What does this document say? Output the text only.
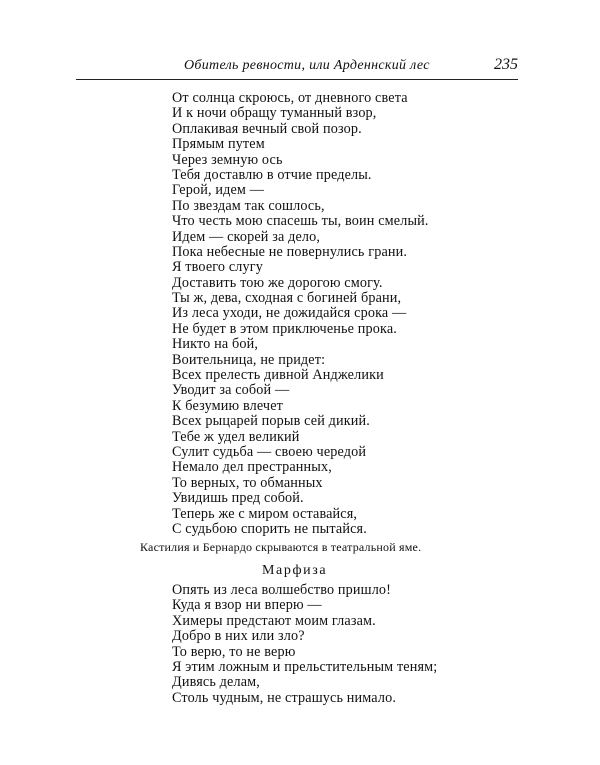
Обитель ревности, или Арденнский лес	235
От солнца скроюсь, от дневного света
И к ночи обращу туманный взор,
Оплакивая вечный свой позор.
Прямым путем
Через земную ось
Тебя доставлю в отчие пределы.
Герой, идем —
По звездам так сошлось,
Что честь мою спасешь ты, воин смелый.
Идем — скорей за дело,
Пока небесные не повернулись грани.
Я твоего слугу
Доставить тою же дорогою смогу.
Ты ж, дева, сходная с богиней брани,
Из леса уходи, не дожидайся срока —
Не будет в этом приключенье прока.
Никто на бой,
Воительница, не придет:
Всех прелесть дивной Анджелики
Уводит за собой —
К безумию влечет
Всех рыцарей порыв сей дикий.
Тебе ж удел великий
Сулит судьба — своею чередой
Немало дел престранных,
То верных, то обманных
Увидишь пред собой.
Теперь же с миром оставайся,
С судьбою спорить не пытайся.
Кастилия и Бернардо скрываются в театральной яме.
Марфиза
Опять из леса волшебство пришло!
Куда я взор ни вперю —
Химеры предстают моим глазам.
Добро в них или зло?
То верю, то не верю
Я этим ложным и прельстительным теням;
Дивясь делам,
Столь чудным, не страшусь нимало.
